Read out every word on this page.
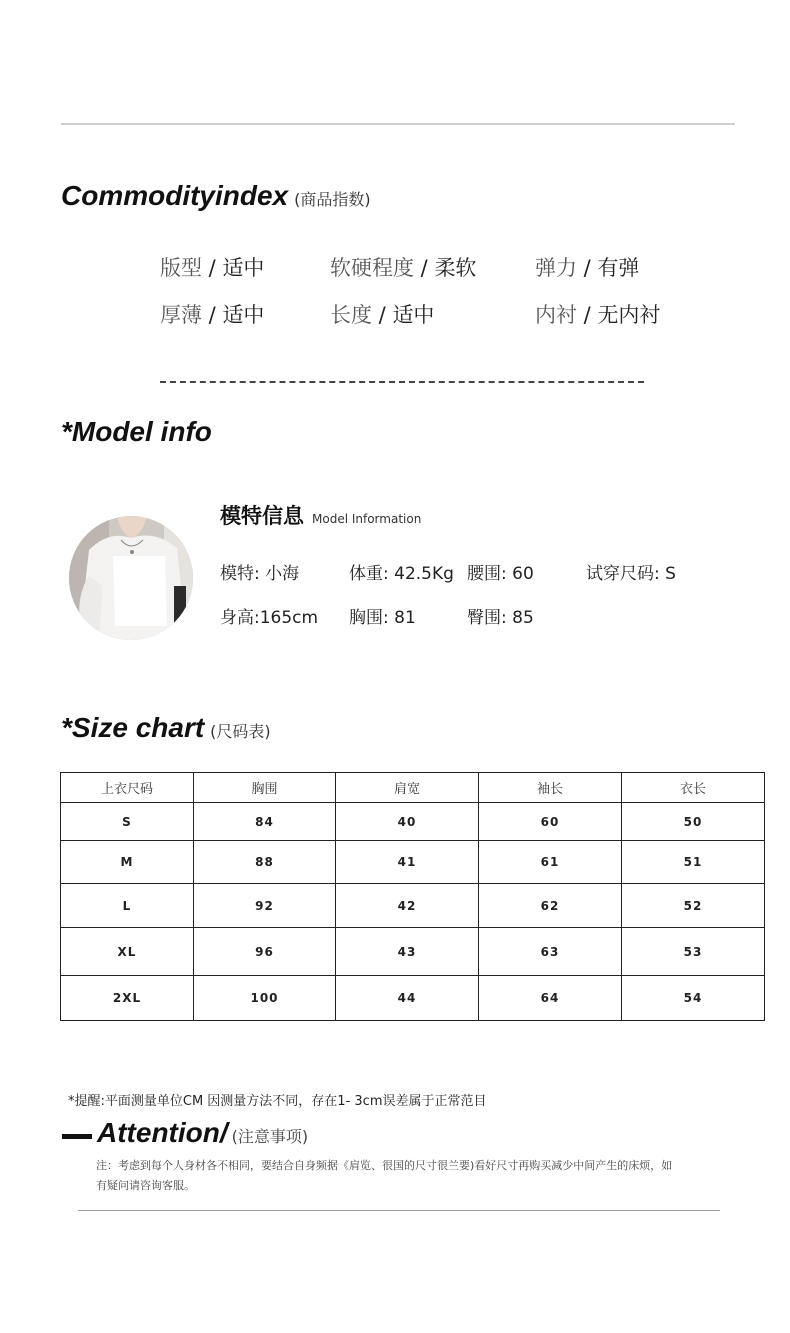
Commodityindex (商品指数)
版型 / 适中	软硬程度 / 柔软	弹力 / 有弹
厚薄 / 适中	长度 / 适中	内衬 / 无内衬
*Model info
模特信息 Model Information
模特: 小海	体重: 42.5Kg 腰围: 60	试穿尺码: S
身高:165cm 胸围: 81	臀围: 85
*Size chart (尺码表)
上衣尺码	胸围	肩宽	袖长	衣长
S	84	40	60	50
M	88	41	61	51
L	92	42	62	52
XL	96	43	63	53
2XL	100	44	64	54
*提醒:平面测量单位CM 因测量方法不同，存在1- 3cm误差属于正常范目
Attention/ (注意事项)
注：考虑到每个人身材各不相同，要结合自身频据《肩览、很国的尺寸很兰要)看好尺寸再购买减少中间产生的床烦，如有疑问请咨询客服。
